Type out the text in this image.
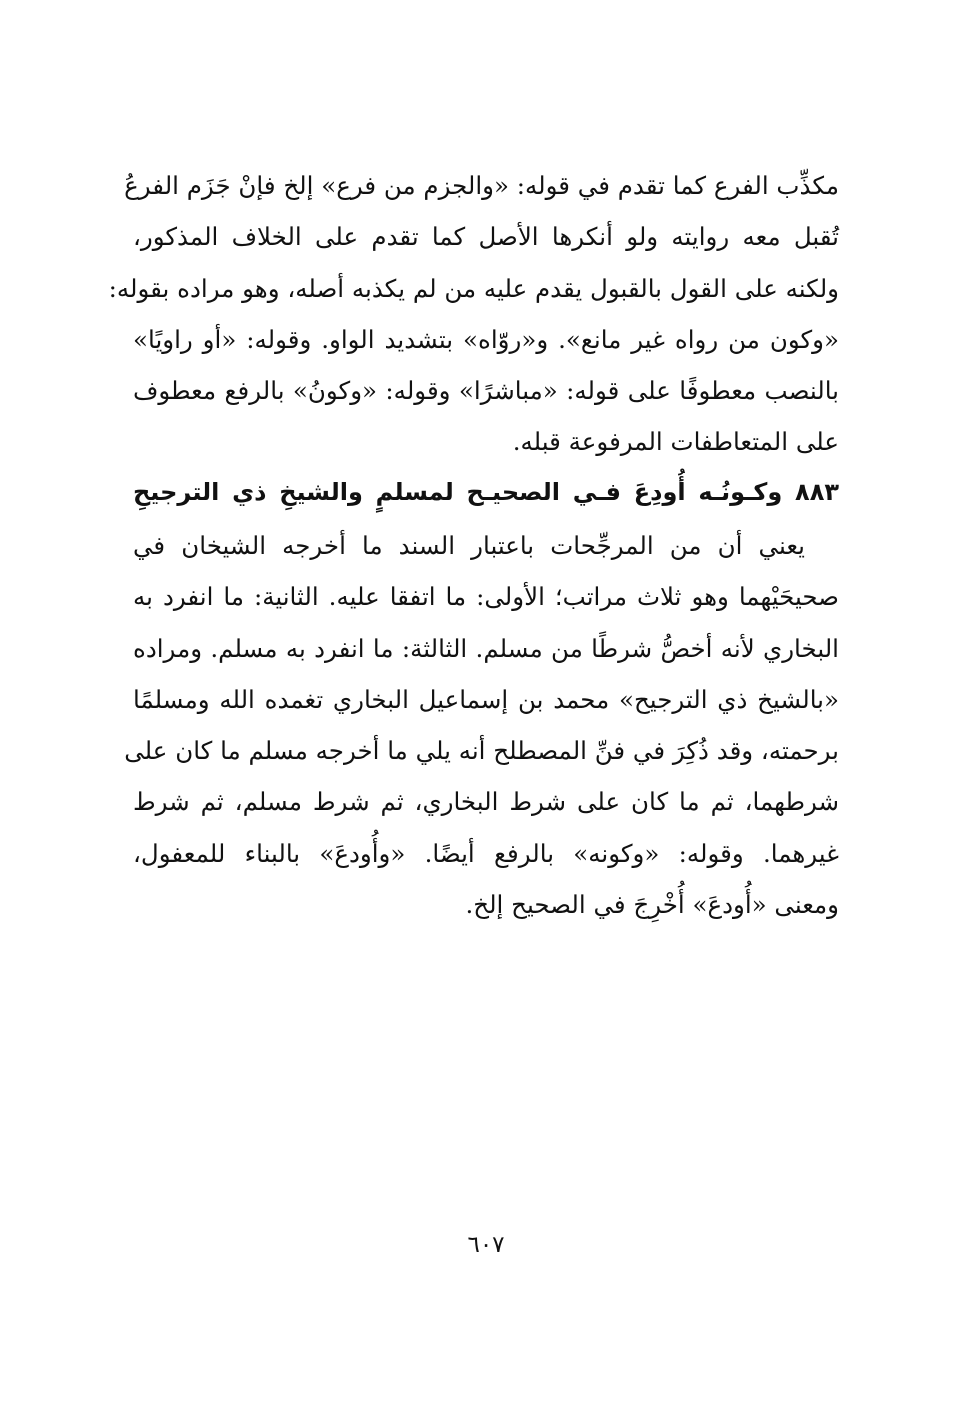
مكذِّب الفرع كما تقدم في قوله: «والجزم من فرع» إلخ فإنْ جَزَم الفرعُ
تُقبل معه روايته ولو أنكرها الأصل كما تقدم على الخلاف المذكور،
ولكنه على القول بالقبول يقدم عليه من لم يكذبه أصله، وهو مراده بقوله:
«وكون من رواه غير مانع». و«روّاه» بتشديد الواو. وقوله: «أو راويًا»
بالنصب معطوفًا على قوله: «مباشرًا» وقوله: «وكونُ» بالرفع معطوف
على المتعاطفات المرفوعة قبله.
٨٨٣ وكـونُـه أُودِعَ فـي الصحيـح لمسلمٍ والشيخِ ذي الترجيحِ
يعني أن من المرجِّحات باعتبار السند ما أخرجه الشيخان في
صحيحَيْهما وهو ثلاث مراتب؛ الأولى: ما اتفقا عليه. الثانية: ما انفرد به
البخاري لأنه أخصُّ شرطًا من مسلم. الثالثة: ما انفرد به مسلم. ومراده
«بالشيخ ذي الترجيح» محمد بن إسماعيل البخاري تغمده الله ومسلمًا
برحمته، وقد ذُكِرَ في فنِّ المصطلح أنه يلي ما أخرجه مسلم ما كان على
شرطهما، ثم ما كان على شرط البخاري، ثم شرط مسلم، ثم شرط
غيرهما. وقوله: «وكونه» بالرفع أيضًا. «وأُودعَ» بالبناء للمعفول،
ومعنى «أُودعَ» أُخْرِجَ في الصحيح إلخ.
٦٠٧
